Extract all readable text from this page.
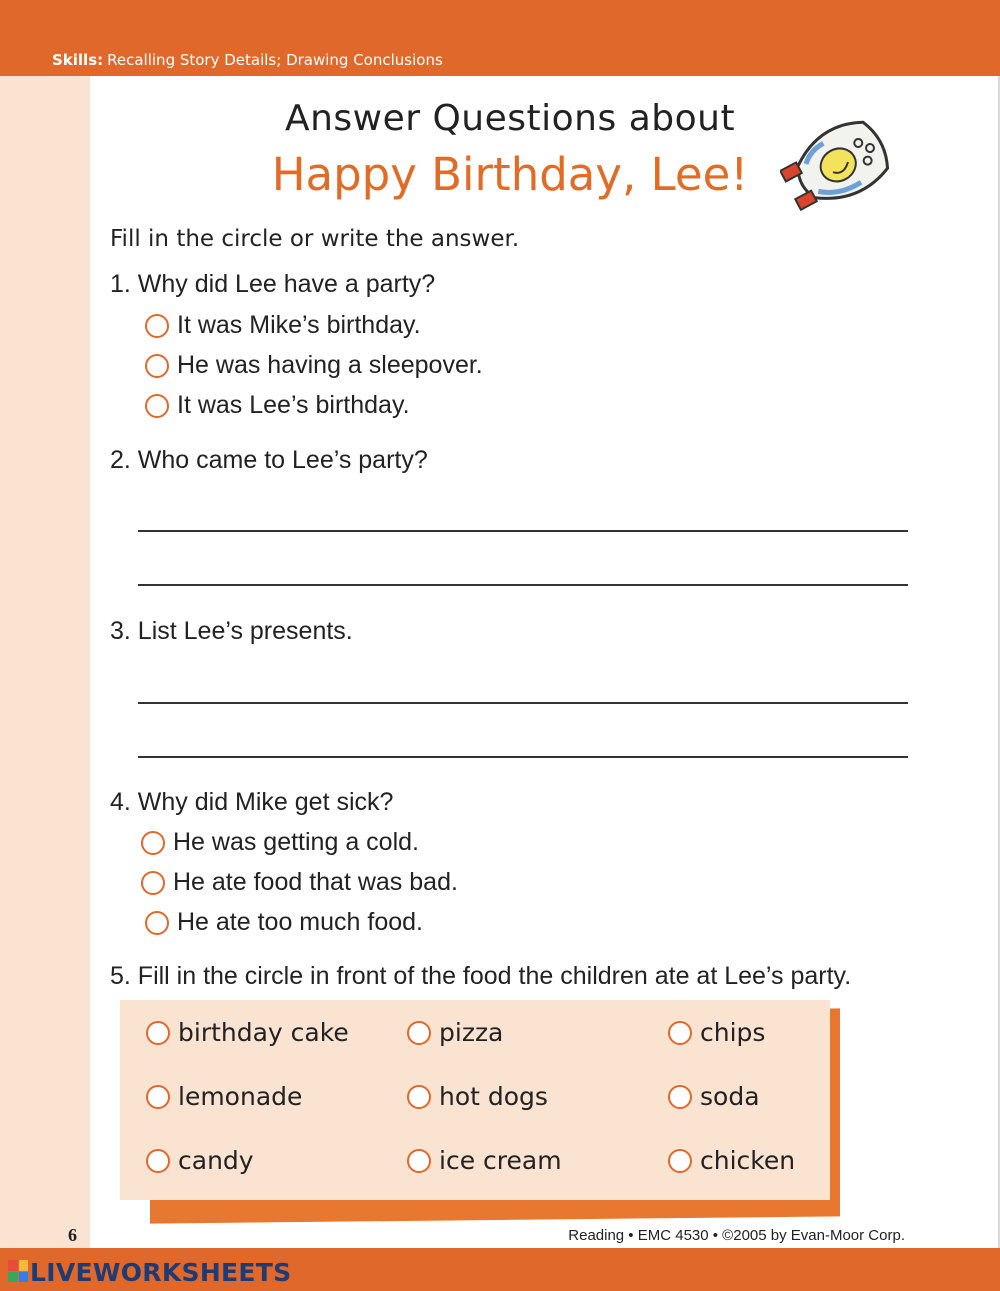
Skills: Recalling Story Details; Drawing Conclusions
Answer Questions about
Happy Birthday, Lee!
Fill in the circle or write the answer.
1. Why did Lee have a party?
It was Mike’s birthday.
He was having a sleepover.
It was Lee’s birthday.
2. Who came to Lee’s party?
3. List Lee’s presents.
4. Why did Mike get sick?
He was getting a cold.
He ate food that was bad.
He ate too much food.
5. Fill in the circle in front of the food the children ate at Lee’s party.
birthday cake	pizza	chips
lemonade	hot dogs	soda
candy	ice cream	chicken
6	Reading • EMC 4530 • ©2005 by Evan-Moor Corp.
LIVEWORKSHEETS
